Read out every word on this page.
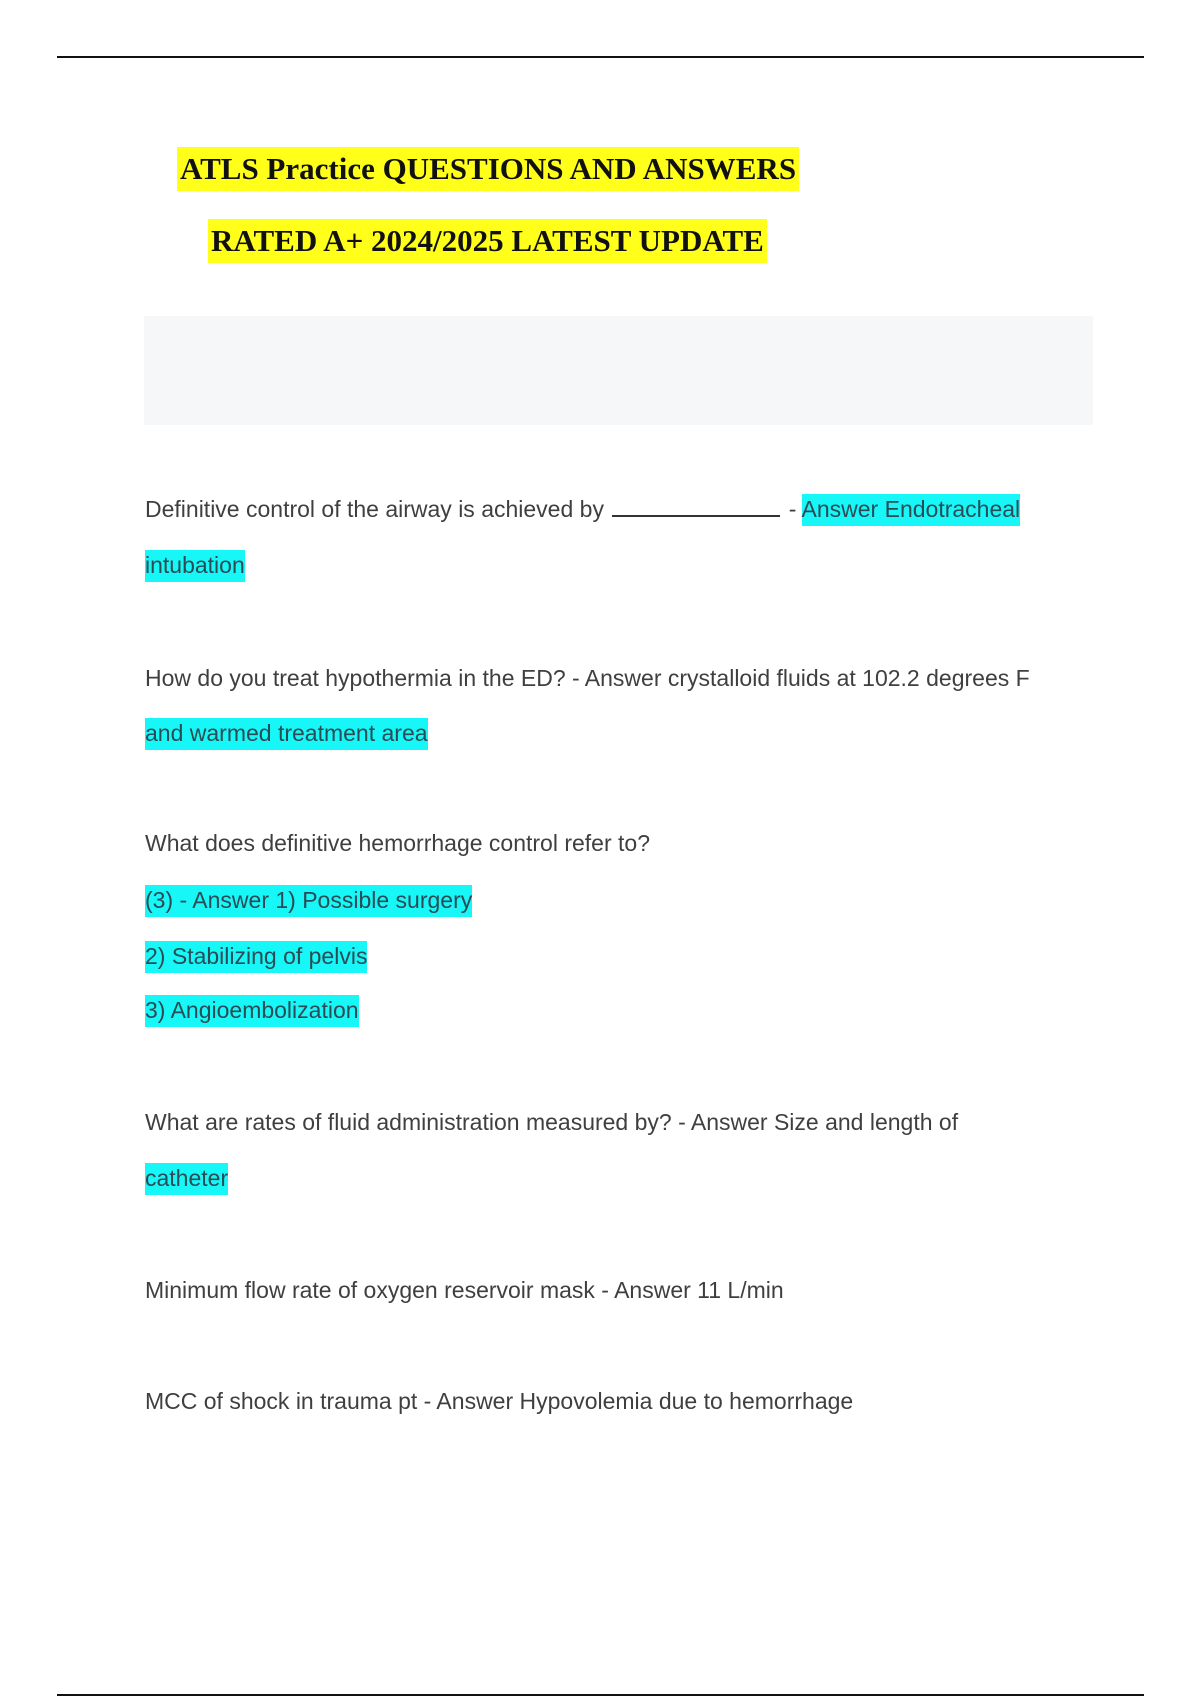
ATLS Practice QUESTIONS AND ANSWERS
RATED A+ 2024/2025 LATEST UPDATE
Definitive control of the airway is achieved by	- Answer Endotracheal
intubation
How do you treat hypothermia in the ED? - Answer crystalloid fluids at 102.2 degrees F
and warmed treatment area
What does definitive hemorrhage control refer to?
(3) - Answer 1) Possible surgery
2) Stabilizing of pelvis
3) Angioembolization
What are rates of fluid administration measured by? - Answer Size and length of
catheter
Minimum flow rate of oxygen reservoir mask - Answer 11 L/min
MCC of shock in trauma pt - Answer Hypovolemia due to hemorrhage
